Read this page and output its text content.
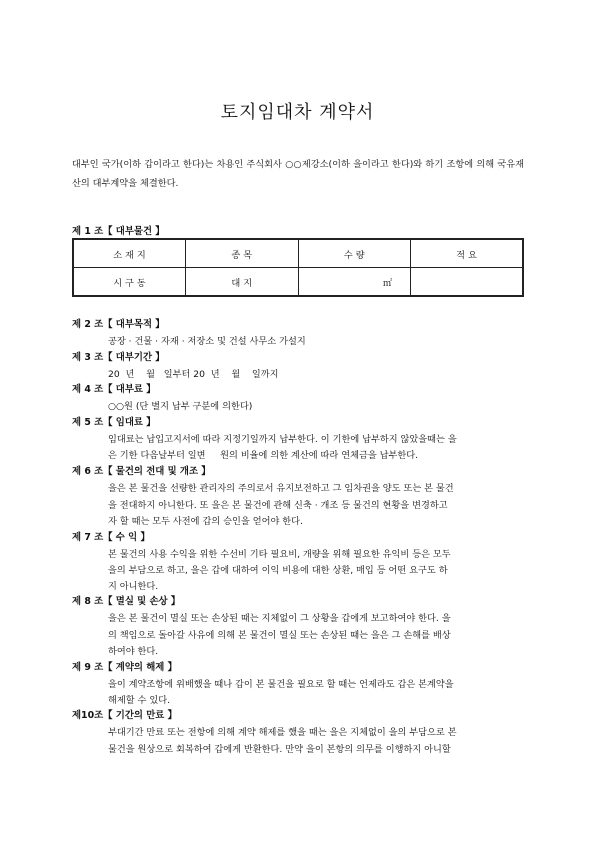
토지임대차 계약서
대부인 국가(이하 갑이라고 한다)는 차용인 주식회사 ○○제강소(이하 을이라고 한다)와 하기 조항에 의해 국유재산의 대부계약을 체결한다.
제 1 조【 대부물건 】
소 재 지	종 목	수 량	적 요
시 구 동	대 지	㎡	
제 2 조【 대부목적 】
공장 · 건물 · 자재 · 저장소 및 건설 사무소 가설지
제 3 조【 대부기간 】
20  년    월   일부터 20  년    월    일까지
제 4 조【 대부료 】
○○원 (단 별지 납부 구분에 의한다)
제 5 조【 임대료 】
임대료는 납입고지서에 따라 지정기일까지 납부한다. 이 기한에 납부하지 않았을때는 을
은 기한 다음날부터 일변     원의 비율에 의한 계산에 따라 연체금을 납부한다.
제 6 조【 물건의 전대 및 개조 】
을은 본 물건을 선량한 관리자의 주의로서 유지보전하고 그 임차권을 양도 또는 본 물건
을 전대하지 아니한다. 또 을은 본 물건에 관해 신축 · 개조 등 물건의 현황을 변경하고
자 할 때는 모두 사전에 갑의 승인을 얻어야 한다.
제 7 조【 수 익 】
본 물건의 사용 수익을 위한 수선비 기타 필요비, 개량을 위해 필요한 유익비 등은 모두
을의 부담으로 하고, 을은 갑에 대하여 이익 비용에 대한 상환, 매입 등 어떤 요구도 하
지 아니한다.
제 8 조【 멸실 및 손상 】
을은 본 물건이 멸실 또는 손상된 때는 지체없이 그 상황을 갑에게 보고하여야 한다. 을
의 책임으로 돌아갈 사유에 의해 본 물건이 멸실 또는 손상된 때는 을은 그 손해를 배상
하여야 한다.
제 9 조【 계약의 해제 】
을이 계약조항에 위배했을 때나 갑이 본 물건을 필요로 할 때는 언제라도 갑은 본계약을
해제할 수 있다.
제10조【 기간의 만료 】
부대기간 만료 또는 전항에 의해 계약 해제를 했을 때는 을은 지체없이 을의 부담으로 본
물건을 원상으로 회복하여 갑에게 반환한다. 만약 을이 본항의 의무를 이행하지 아니할
